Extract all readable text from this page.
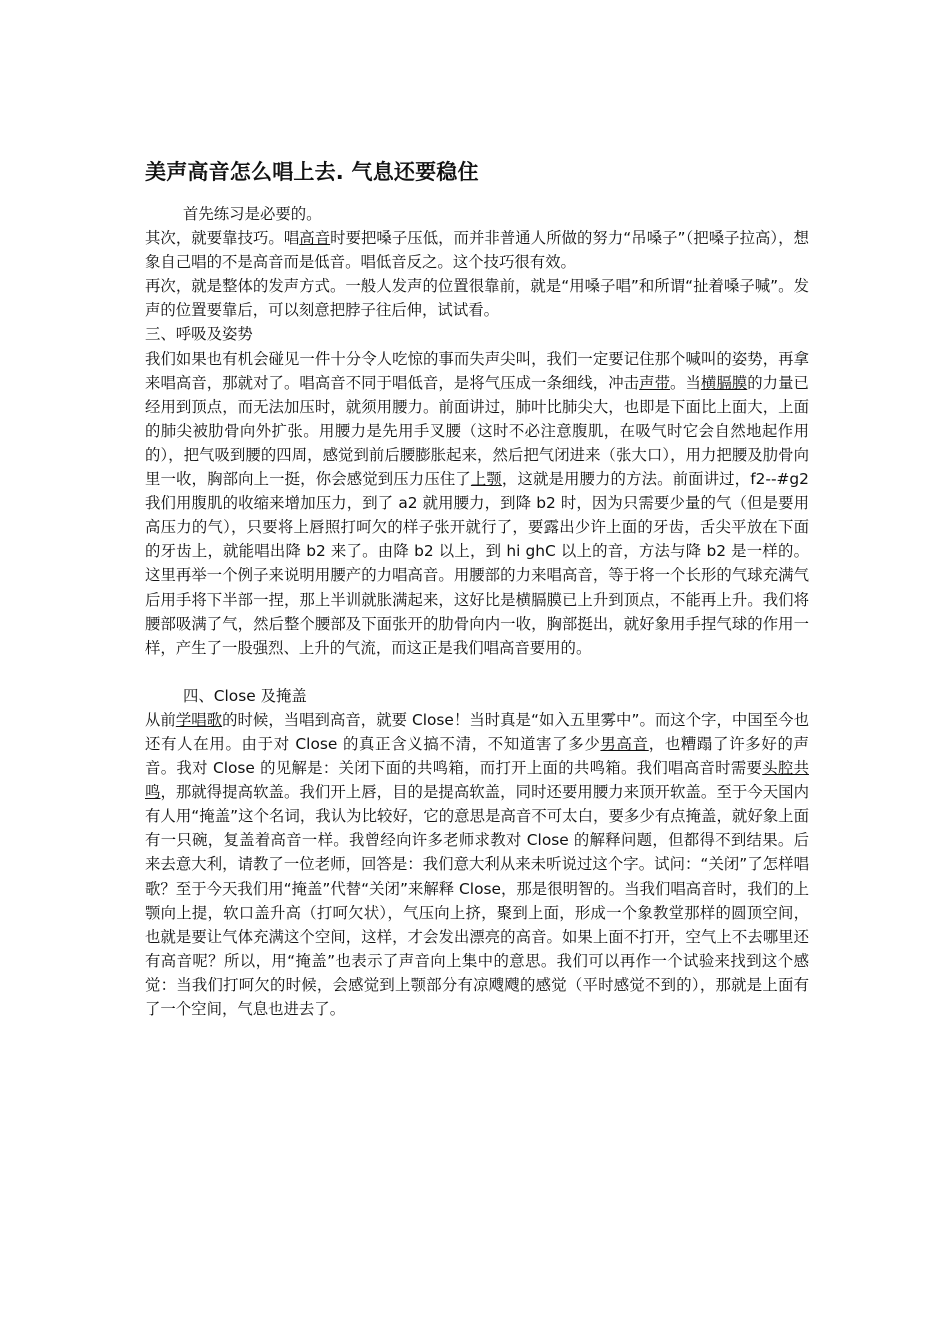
美声高音怎么唱上去. 气息还要稳住

首先练习是必要的。

其次，就要靠技巧。唱高音时要把嗓子压低，而并非普通人所做的努力“吊嗓子”（把嗓子拉高），想象自己唱的不是高音而是低音。唱低音反之。这个技巧很有效。

再次，就是整体的发声方式。一般人发声的位置很靠前，就是“用嗓子唱”和所谓“扯着嗓子喊”。发声的位置要靠后，可以刻意把脖子往后伸，试试看。

三、呼吸及姿势

我们如果也有机会碰见一件十分令人吃惊的事而失声尖叫，我们一定要记住那个喊叫的姿势，再拿来唱高音，那就对了。唱高音不同于唱低音，是将气压成一条细线，冲击声带。当横膈膜的力量已经用到顶点，而无法加压时，就须用腰力。前面讲过，肺叶比肺尖大，也即是下面比上面大，上面的肺尖被肋骨向外扩张。用腰力是先用手叉腰（这时不必注意腹肌，在吸气时它会自然地起作用的），把气吸到腰的四周，感觉到前后腰膨胀起来，然后把气闭进来（张大口），用力把腰及肋骨向里一收，胸部向上一挺，你会感觉到压力压住了上颚，这就是用腰力的方法。前面讲过，f2--#g2 我们用腹肌的收缩来增加压力，到了 a2 就用腰力，到降 b2 时，因为只需要少量的气（但是要用高压力的气），只要将上唇照打呵欠的样子张开就行了，要露出少许上面的牙齿，舌尖平放在下面的牙齿上，就能唱出降 b2 来了。由降 b2 以上，到 hi ghC 以上的音，方法与降 b2 是一样的。这里再举一个例子来说明用腰产的力唱高音。用腰部的力来唱高音，等于将一个长形的气球充满气后用手将下半部一捏，那上半训就胀满起来，这好比是横膈膜已上升到顶点，不能再上升。我们将腰部吸满了气，然后整个腰部及下面张开的肋骨向内一收，胸部挺出，就好象用手捏气球的作用一样，产生了一股强烈、上升的气流，而这正是我们唱高音要用的。

四、Close 及掩盖

从前学唱歌的时候，当唱到高音，就要 Close！当时真是“如入五里雾中”。而这个字，中国至今也还有人在用。由于对 Close 的真正含义搞不清，不知道害了多少男高音，也糟蹋了许多好的声音。我对 Close 的见解是：关闭下面的共鸣箱，而打开上面的共鸣箱。我们唱高音时需要头腔共鸣，那就得提高软盖。我们开上唇，目的是提高软盖，同时还要用腰力来顶开软盖。至于今天国内有人用“掩盖”这个名词，我认为比较好，它的意思是高音不可太白，要多少有点掩盖，就好象上面有一只碗，复盖着高音一样。我曾经向许多老师求教对 Close 的解释问题，但都得不到结果。后来去意大利，请教了一位老师，回答是：我们意大利从来未听说过这个字。试问：“关闭”了怎样唱歌？至于今天我们用“掩盖”代替“关闭”来解释 Close，那是很明智的。当我们唱高音时，我们的上颚向上提，软口盖升高（打呵欠状），气压向上挤，聚到上面，形成一个象教堂那样的圆顶空间，也就是要让气体充满这个空间，这样，才会发出漂亮的高音。如果上面不打开，空气上不去哪里还有高音呢？所以，用“掩盖”也表示了声音向上集中的意思。我们可以再作一个试验来找到这个感觉：当我们打呵欠的时候，会感觉到上颚部分有凉飕飕的感觉（平时感觉不到的），那就是上面有了一个空间，气息也进去了。
